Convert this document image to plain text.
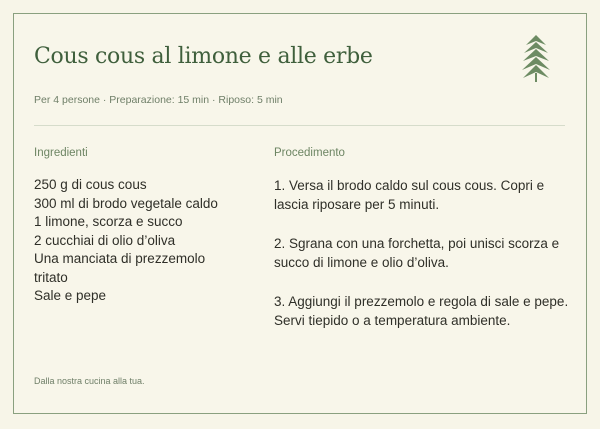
Cous cous al limone e alle erbe
Per 4 persone · Preparazione: 15 min · Riposo: 5 min
Ingredienti
250 g di cous cous
300 ml di brodo vegetale caldo
1 limone, scorza e succo
2 cucchiai di olio d’oliva
Una manciata di prezzemolo tritato
Sale e pepe
Procedimento
1. Versa il brodo caldo sul cous cous. Copri e lascia riposare per 5 minuti.
2. Sgrana con una forchetta, poi unisci scorza e succo di limone e olio d’oliva.
3. Aggiungi il prezzemolo e regola di sale e pepe. Servi tiepido o a temperatura ambiente.
Dalla nostra cucina alla tua.
